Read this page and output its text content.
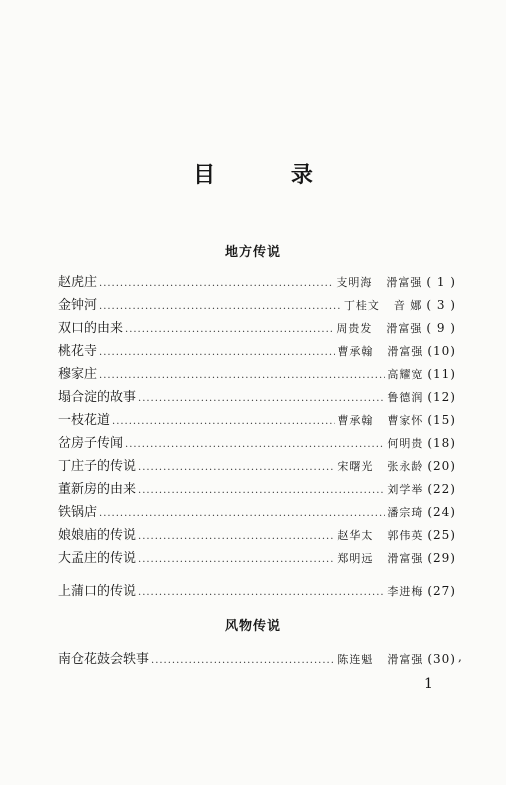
目 录
地方传说
赵虎庄 .....	支明海 滑富强 ( 1 )
金钟河 .....	丁桂文 音 娜 ( 3 )
双口的由来 .....	周贵发 滑富强 ( 9 )
桃花寺 .....	曹承翰 滑富强 (10)
穆家庄 .....	高耀宽 (11)
塌合淀的故事 .....	鲁德润 (12)
一枝花道 .....	曹承翰 曹家怀 (15)
岔房子传闻 .....	何明贵 (18)
丁庄子的传说 .....	宋曙光 张永龄 (20)
董新房的由来 .....	刘学举 (22)
铁锅店 .....	潘宗琦 (24)
娘娘庙的传说 .....	赵华太 郭伟英 (25)
大孟庄的传说 .....	郑明远 滑富强 (29)
上蒲口的传说 .....	李进梅 (27)
风物传说
南仓花鼓会轶事 .....	陈连魁 滑富强 (30) ,
1
